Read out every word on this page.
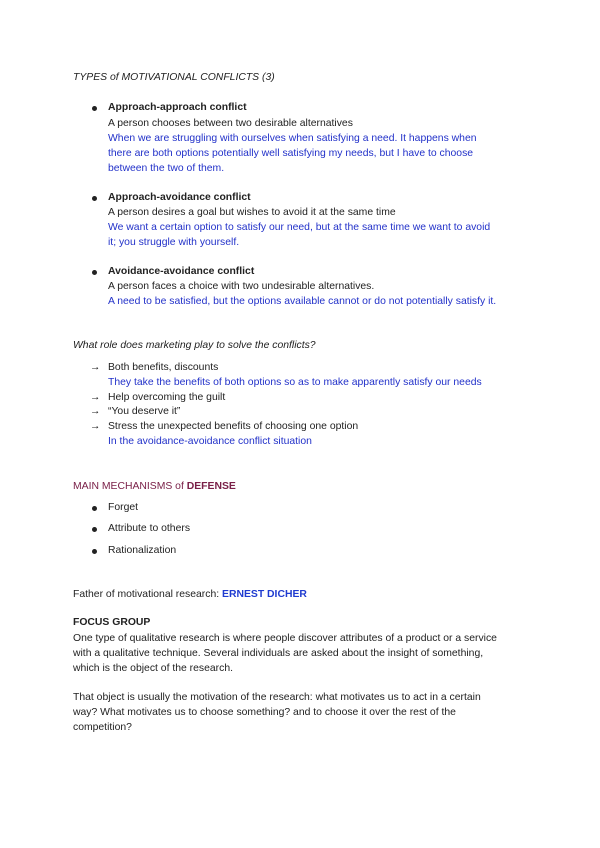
TYPES of MOTIVATIONAL CONFLICTS (3)
Approach-approach conflict
A person chooses between two desirable alternatives
When we are struggling with ourselves when satisfying a need. It happens when
there are both options potentially well satisfying my needs, but I have to choose
between the two of them.
Approach-avoidance conflict
A person desires a goal but wishes to avoid it at the same time
We want a certain option to satisfy our need, but at the same time we want to avoid
it; you struggle with yourself.
Avoidance-avoidance conflict
A person faces a choice with two undesirable alternatives.
A need to be satisfied, but the options available cannot or do not potentially satisfy it.
What role does marketing play to solve the conflicts?
→ Both benefits, discounts
They take the benefits of both options so as to make apparently satisfy our needs
→ Help overcoming the guilt
→ “You deserve it”
→ Stress the unexpected benefits of choosing one option
In the avoidance-avoidance conflict situation
MAIN MECHANISMS of DEFENSE
Forget
Attribute to others
Rationalization
Father of motivational research: ERNEST DICHER
FOCUS GROUP
One type of qualitative research is where people discover attributes of a product or a service
with a qualitative technique. Several individuals are asked about the insight of something,
which is the object of the research.
That object is usually the motivation of the research: what motivates us to act in a certain
way? What motivates us to choose something? and to choose it over the rest of the
competition?
